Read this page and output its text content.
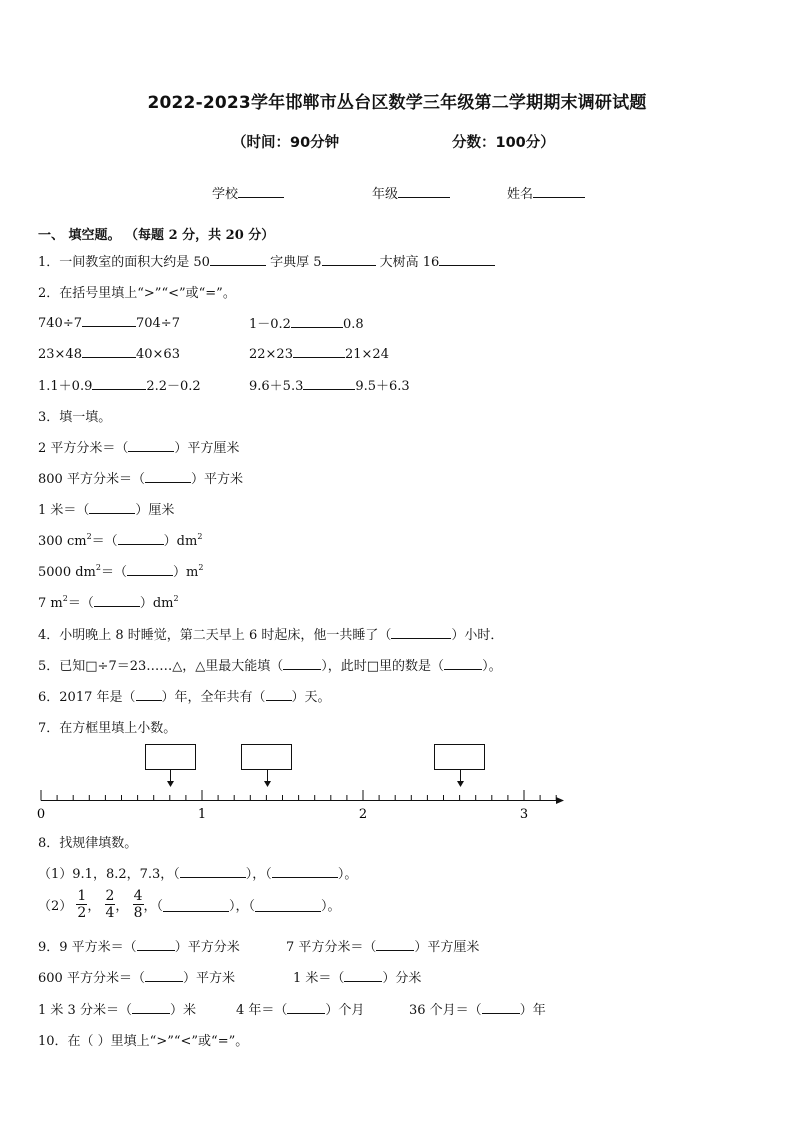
2022-2023学年邯郸市丛台区数学三年级第二学期期末调研试题
（时间：90分钟	分数：100分）
学校	年级	姓名
一、 填空题。 （每题 2 分，共 20 分）
1．一间教室的面积大约是 50	字典厚 5	大树高 16
2．在括号里填上“>”“<”或“=”。
740÷7	704÷7	1－0.2	0.8
23×48	40×63	22×23	21×24
1.1＋0.9	2.2－0.2	9.6＋5.3	9.5＋6.3
3．填一填。
2 平方分米＝（	）平方厘米
800 平方分米＝（	）平方米
1 米＝（	）厘米
300 $cm^2=$（	）$dm^2$
5000 $dm^2=$（	）$m^2$
7 $m^2=$（	）$dm^2$
4．小明晚上 8 时睡觉，第二天早上 6 时起床，他一共睡了（	）小时．
5．已知□÷7＝23……△，△里最大能填（	），此时□里的数是（	）。
6．2017 年是（ ）年，全年共有（ ）天。
7．在方框里填上小数。
0	1	2	3
8．找规律填数。
（1）9.1，8.2，7.3，（	），（	）。
$(2) \frac{1}{2}$ ， $\frac{2}{4}$ ， $\frac{4}{8}$ ，（	），（	）。
9．9 平方米＝（	）平方分米	7 平方分米＝（	）平方厘米
600 平方分米＝（	）平方米	1 米＝（	）分米
1 米 3 分米＝（	）米	4 年＝（	）个月	36 个月＝（	）年
10．在（ ）里填上“>”“<”或“=”。
